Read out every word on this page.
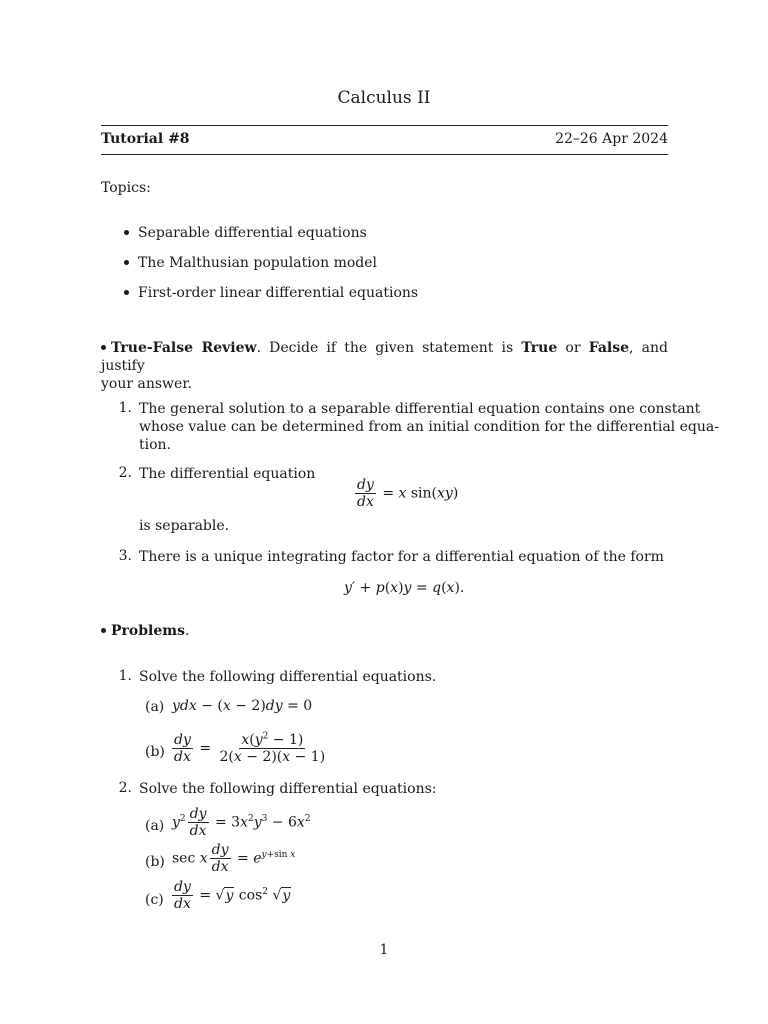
Calculus II
Tutorial #8	22–26 Apr 2024
Topics:
Separable differential equations
The Malthusian population model
First-order linear differential equations
True-False Review. Decide if the given statement is True or False, and justify
your answer.
1. The general solution to a separable differential equation contains one constant
whose value can be determined from an initial condition for the differential equa-
tion.
2. The differential equation
$\frac{dy}{dx} = x$ sin(xy)
is separable.
3. There is a unique integrating factor for a differential equation of the form
y′ + p(x)y = q(x).
Problems.
1. Solve the following differential equations.
(a) ydx − (x − 2)dy = 0
$(b) \frac{dy}{dx} = \frac{x(y^2 - 1)}{2(x - 2)(x - 1)}$
2. Solve the following differential equations:
(a) $y^2 \frac{dy}{dx} = 3x^2y^3 - 6x^2$
(b) sec x $\frac{dy}{dx} = e^{y+sin x}$
$(c) \frac{dy}{dx} = √y$ $\cos^2 √y$
1
